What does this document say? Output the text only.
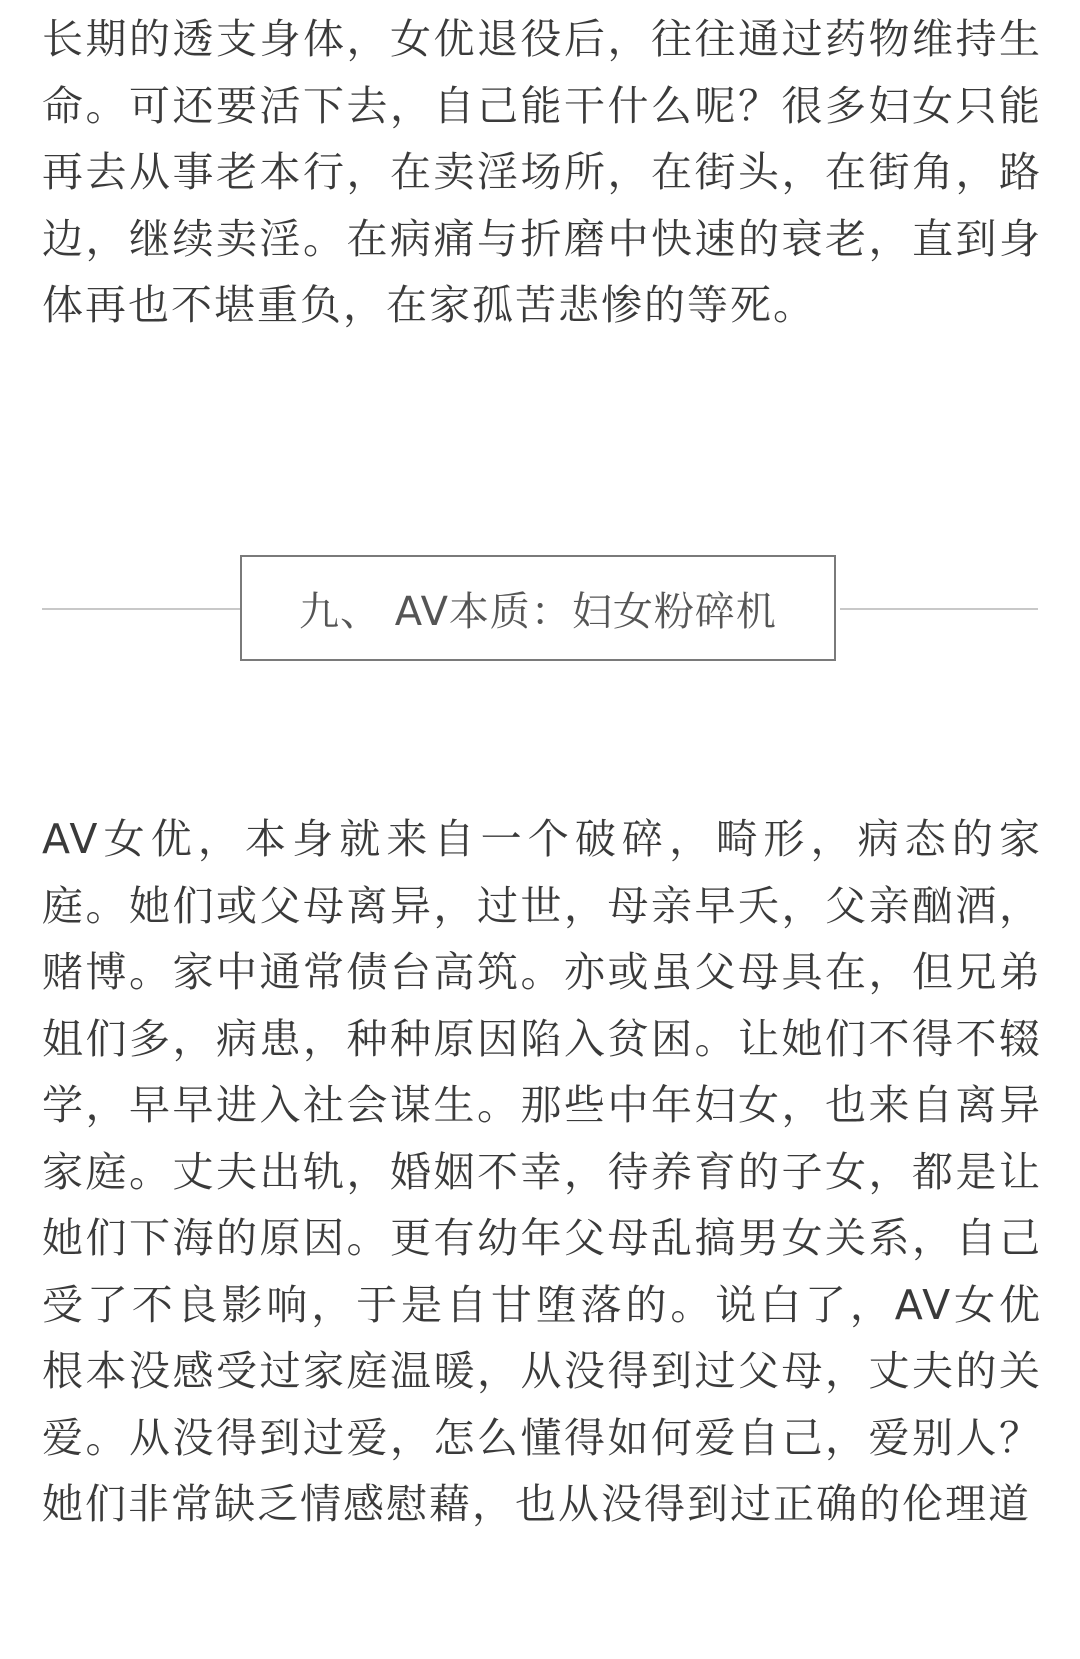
长期的透支身体，女优退役后，往往通过药物维持生命。可还要活下去，自己能干什么呢？很多妇女只能再去从事老本行，在卖淫场所，在街头，在街角，路边，继续卖淫。在病痛与折磨中快速的衰老，直到身体再也不堪重负，在家孤苦悲惨的等死。

九、 AV本质：妇女粉碎机

AV女优，本身就来自一个破碎，畸形，病态的家庭。她们或父母离异，过世，母亲早夭，父亲酗酒，赌博。家中通常债台高筑。亦或虽父母具在，但兄弟姐们多，病患，种种原因陷入贫困。让她们不得不辍学，早早进入社会谋生。那些中年妇女，也来自离异家庭。丈夫出轨，婚姻不幸，待养育的子女，都是让她们下海的原因。更有幼年父母乱搞男女关系，自己受了不良影响，于是自甘堕落的。说白了，AV女优根本没感受过家庭温暖，从没得到过父母，丈夫的关爱。从没得到过爱，怎么懂得如何爱自己，爱别人？她们非常缺乏情感慰藉，也从没得到过正确的伦理道
